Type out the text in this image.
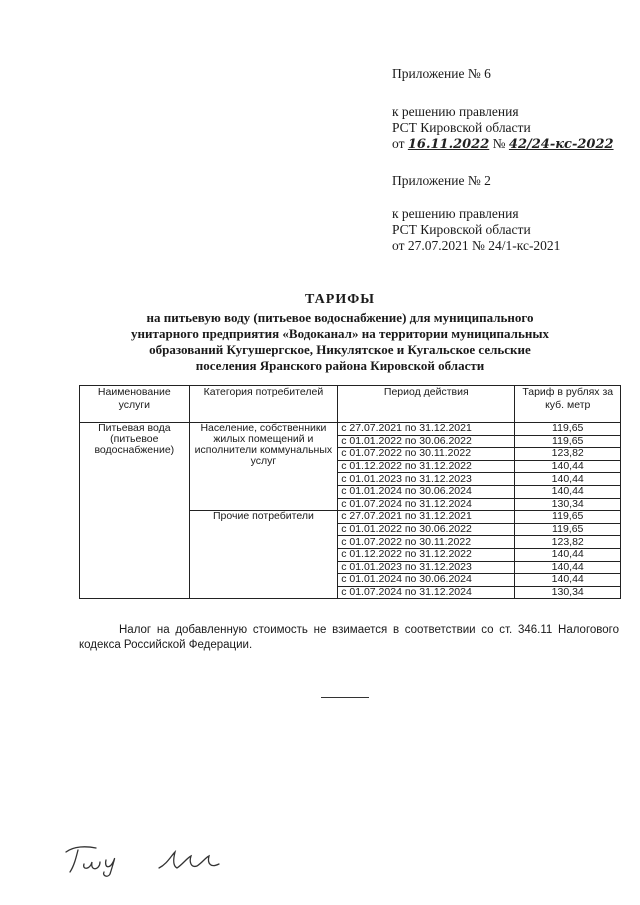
Приложение № 6
к решению правления
РСТ Кировской области
от 16.11.2022 № 42/24-кс-2022
Приложение № 2
к решению правления
РСТ Кировской области
от 27.07.2021 № 24/1-кс-2021
ТАРИФЫ
на питьевую воду (питьевое водоснабжение) для муниципального
унитарного предприятия «Водоканал» на территории муниципальных
образований Кугушергское, Никулятское и Кугальское сельские
поселения Яранского района Кировской области
Наименование услуги	Категория потребителей	Период действия	Тариф в рублях за куб. метр
Питьевая вода (питьевое водоснабжение)	Население, собственники жилых помещений и исполнители коммунальных услуг	с 27.07.2021 по 31.12.2021	119,65
		с 01.01.2022 по 30.06.2022	119,65
		с 01.07.2022 по 30.11.2022	123,82
		с 01.12.2022 по 31.12.2022	140,44
		с 01.01.2023 по 31.12.2023	140,44
		с 01.01.2024 по 30.06.2024	140,44
		с 01.07.2024 по 31.12.2024	130,34
	Прочие потребители	с 27.07.2021 по 31.12.2021	119,65
		с 01.01.2022 по 30.06.2022	119,65
		с 01.07.2022 по 30.11.2022	123,82
		с 01.12.2022 по 31.12.2022	140,44
		с 01.01.2023 по 31.12.2023	140,44
		с 01.01.2024 по 30.06.2024	140,44
		с 01.07.2024 по 31.12.2024	130,34
Налог на добавленную стоимость не взимается в соответствии со ст. 346.11 Налогового кодекса Российской Федерации.
